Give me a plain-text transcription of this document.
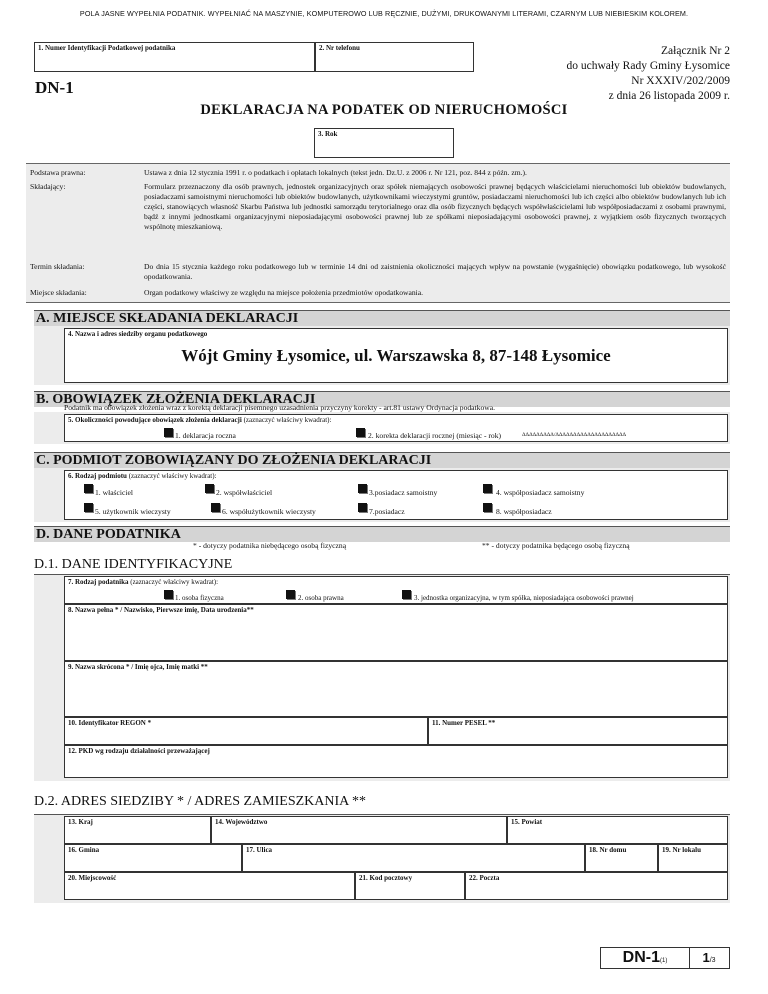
POLA JASNE WYPEŁNIA PODATNIK. WYPEŁNIAĆ NA MASZYNIE, KOMPUTEROWO LUB RĘCZNIE, DUŻYMI, DRUKOWANYMI LITERAMI, CZARNYM LUB NIEBIESKIM KOLOREM.
1. Numer Identyfikacji Podatkowej podatnika	2. Nr telefonu	Załącznik Nr 2
do uchwały Rady Gminy Łysomice
Nr XXXIV/202/2009
z dnia 26 listopada 2009 r.
DN-1
DEKLARACJA NA PODATEK OD NIERUCHOMOŚCI
3. Rok
Podstawa prawna:	Ustawa z dnia 12 stycznia 1991 r. o podatkach i opłatach lokalnych (tekst jedn. Dz.U. z 2006 r. Nr 121, poz. 844 z późn. zm.).
Składający:	Formularz przeznaczony dla osób prawnych, jednostek organizacyjnych oraz spółek niemających osobowości prawnej będących właścicielami nieruchomości lub obiektów budowlanych, posiadaczami samoistnymi nieruchomości lub obiektów budowlanych, użytkownikami wieczystymi gruntów, posiadaczami nieruchomości lub ich części albo obiektów budowlanych lub ich części, stanowiących własność Skarbu Państwa lub jednostki samorządu terytorialnego oraz dla osób fizycznych będących współwłaścicielami lub współposiadaczami z osobami prawnymi, bądź z innymi jednostkami organizacyjnymi nieposiadającymi osobowości prawnej lub ze spółkami nieposiadającymi osobowości prawnej, z wyjątkiem osób fizycznych tworzących wspólnotę mieszkaniową.
Termin składania:	Do dnia 15 stycznia każdego roku podatkowego lub w terminie 14 dni od zaistnienia okoliczności mających wpływ na powstanie (wygaśnięcie) obowiązku podatkowego, lub wysokość opodatkowania.
Miejsce składania:	Organ podatkowy właściwy ze względu na miejsce położenia przedmiotów opodatkowania.
A. MIEJSCE SKŁADANIA DEKLARACJI
4. Nazwa i adres siedziby organu podatkowego
Wójt Gminy Łysomice, ul. Warszawska 8, 87-148 Łysomice
B. OBOWIĄZEK ZŁOŻENIA DEKLARACJI
Podatnik ma obowiązek złożenia wraz z korektą deklaracji pisemnego uzasadnienia przyczyny korekty - art.81 ustawy Ordynacja podatkowa.
5. Okoliczności powodujące obowiązek złożenia deklaracji (zaznaczyć właściwy kwadrat):
1. deklaracja roczna	2. korekta deklaracji rocznej (miesiąc - rok)	ΔΔΔΔΔΔΔΔΔ/ΔΔΔΔΔΔΔΔΔΔΔΔΔΔΔΔΔΔΔΔ
C. PODMIOT ZOBOWIĄZANY DO ZŁOŻENIA DEKLARACJI
6. Rodzaj podmiotu (zaznaczyć właściwy kwadrat):
1. właściciel	2. współwłaściciel	3.posiadacz samoistny	4. współposiadacz samoistny
5. użytkownik wieczysty	6. współużytkownik wieczysty	7.posiadacz	8. współposiadacz
D. DANE PODATNIKA
* - dotyczy podatnika niebędącego osobą fizyczną	** - dotyczy podatnika będącego osobą fizyczną
D.1. DANE IDENTYFIKACYJNE
7. Rodzaj podatnika (zaznaczyć właściwy kwadrat):
1. osoba fizyczna	2. osoba prawna	3. jednostka organizacyjna, w tym spółka, nieposiadająca osobowości prawnej
8. Nazwa pełna * / Nazwisko, Pierwsze imię, Data urodzenia**
9. Nazwa skrócona * / Imię ojca, Imię matki **
10. Identyfikator REGON *	11. Numer PESEL **
12. PKD wg rodzaju działalności przeważającej
D.2. ADRES SIEDZIBY * / ADRES ZAMIESZKANIA **
13. Kraj	14. Województwo	15. Powiat
16. Gmina	17. Ulica	18. Nr domu	19. Nr lokalu
20. Miejscowość	21. Kod pocztowy	22. Poczta
DN-1(1)	1/3
